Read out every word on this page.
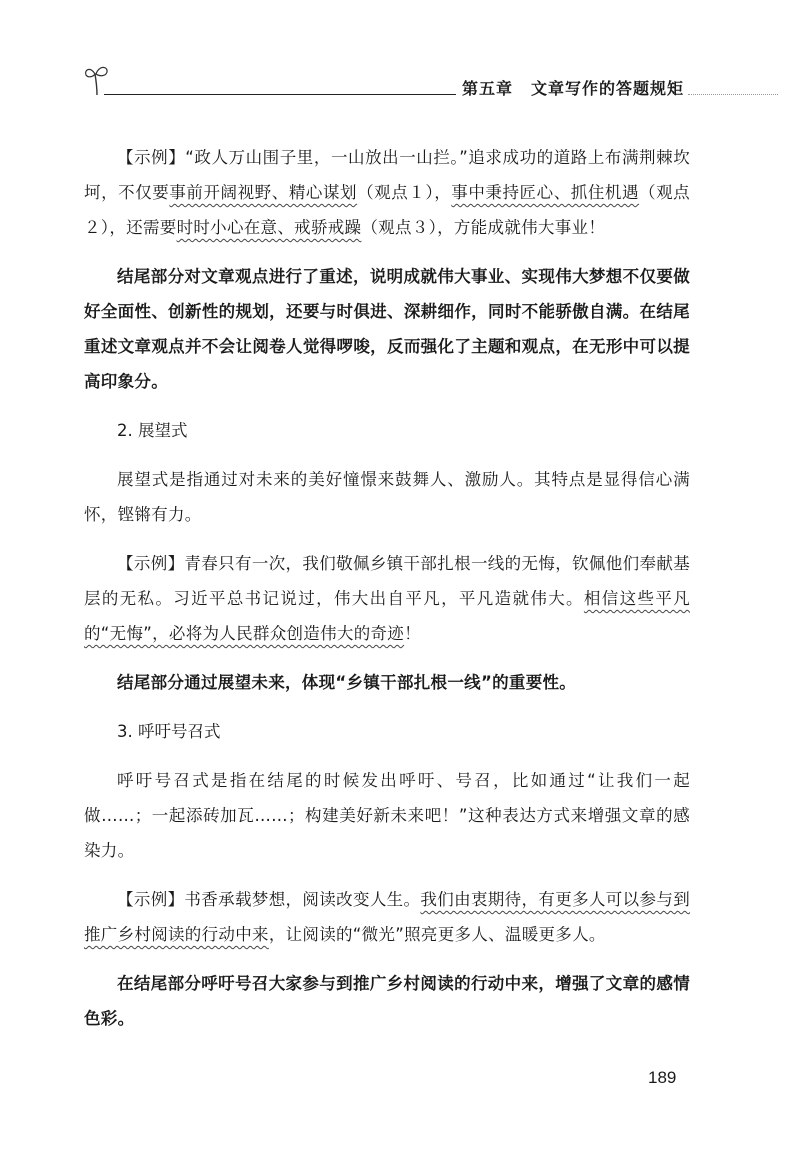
第五章 文章写作的答题规矩

【示例】“政人万山围子里，一山放出一山拦。”追求成功的道路上布满荆棘坎坷，不仅要事前开阔视野、精心谋划（观点１），事中秉持匠心、抓住机遇（观点２），还需要时时小心在意、戒骄戒躁（观点３），方能成就伟大事业！

结尾部分对文章观点进行了重述，说明成就伟大事业、实现伟大梦想不仅要做好全面性、创新性的规划，还要与时俱进、深耕细作，同时不能骄傲自满。在结尾重述文章观点并不会让阅卷人觉得啰唆，反而强化了主题和观点，在无形中可以提高印象分。

2. 展望式

展望式是指通过对未来的美好憧憬来鼓舞人、激励人。其特点是显得信心满怀，铿锵有力。

【示例】青春只有一次，我们敬佩乡镇干部扎根一线的无悔，钦佩他们奉献基层的无私。习近平总书记说过，伟大出自平凡，平凡造就伟大。相信这些平凡的“无悔”，必将为人民群众创造伟大的奇迹！

结尾部分通过展望未来，体现“乡镇干部扎根一线”的重要性。

3. 呼吁号召式

呼吁号召式是指在结尾的时候发出呼吁、号召，比如通过“让我们一起做……；一起添砖加瓦……；构建美好新未来吧！”这种表达方式来增强文章的感染力。

【示例】书香承载梦想，阅读改变人生。我们由衷期待，有更多人可以参与到推广乡村阅读的行动中来，让阅读的“微光”照亮更多人、温暖更多人。

在结尾部分呼吁号召大家参与到推广乡村阅读的行动中来，增强了文章的感情色彩。

189
